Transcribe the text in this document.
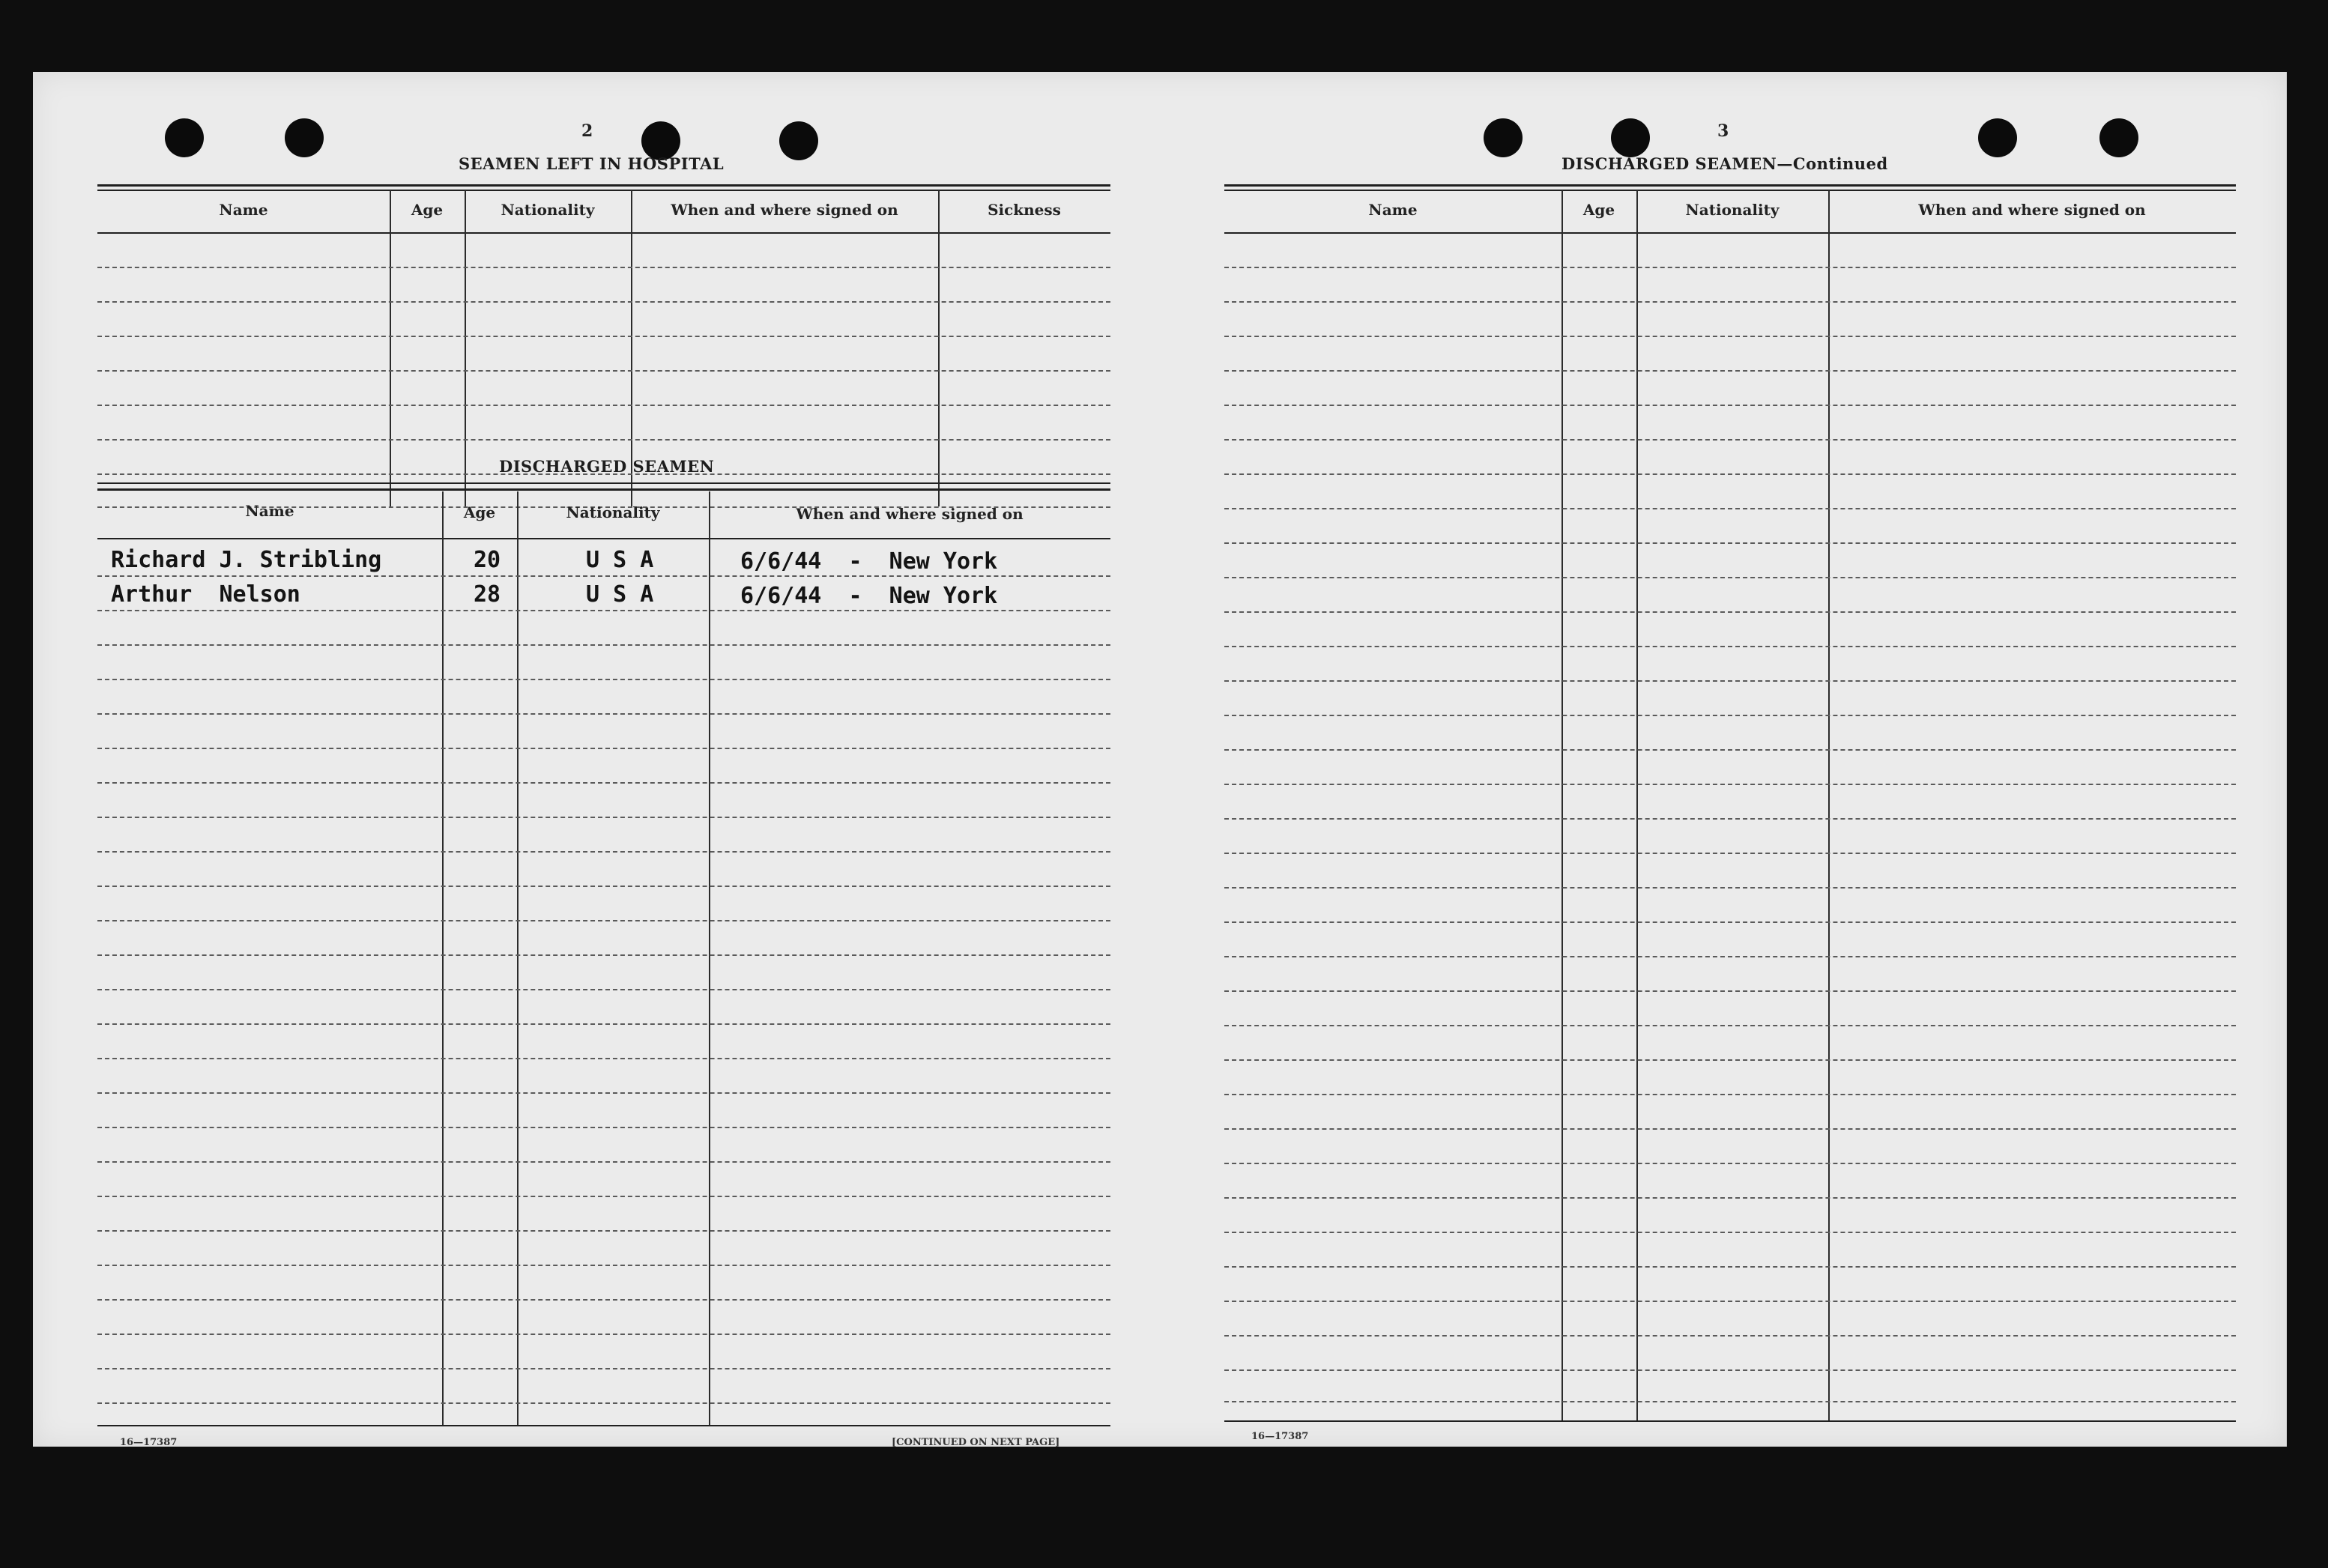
2
SEAMEN LEFT IN HOSPITAL
Name	Age	Nationality	When and where signed on	Sickness
DISCHARGED SEAMEN
Name	Age	Nationality	When and where signed on
Richard J. Stribling	20	U S A	6/6/44  -  New York
Arthur  Nelson	28	U S A	6/6/44  -  New York
16—17387	[CONTINUED ON NEXT PAGE]
3
DISCHARGED SEAMEN—Continued
Name	Age	Nationality	When and where signed on
16—17387
